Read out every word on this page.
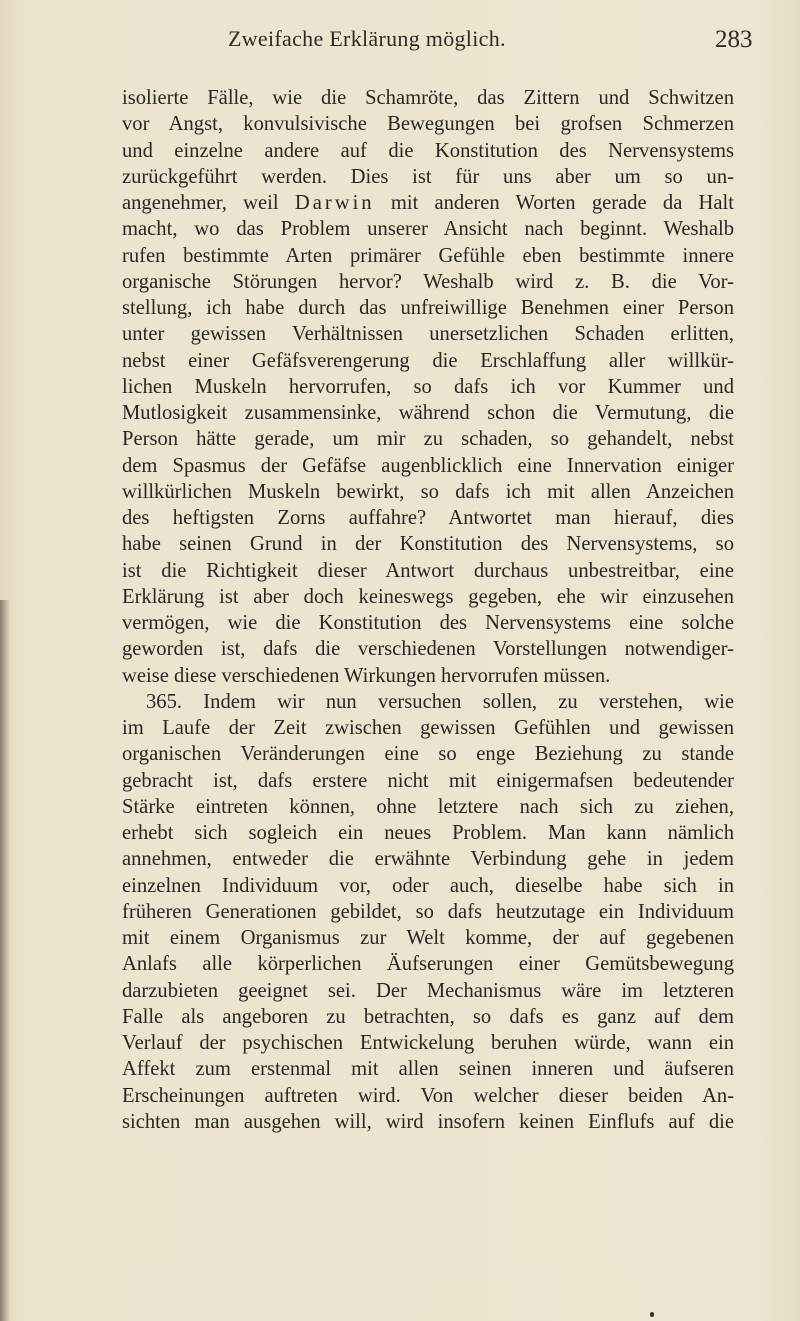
Zweifache Erklärung möglich.	283
isolierte Fälle, wie die Schamröte, das Zittern und Schwitzen
vor Angst, konvulsivische Bewegungen bei grofsen Schmerzen
und einzelne andere auf die Konstitution des Nervensystems
zurückgeführt werden. Dies ist für uns aber um so un-
angenehmer, weil Darwin mit anderen Worten gerade da Halt
macht, wo das Problem unserer Ansicht nach beginnt. Weshalb
rufen bestimmte Arten primärer Gefühle eben bestimmte innere
organische Störungen hervor? Weshalb wird z. B. die Vor-
stellung, ich habe durch das unfreiwillige Benehmen einer Person
unter gewissen Verhältnissen unersetzlichen Schaden erlitten,
nebst einer Gefäfsverengerung die Erschlaffung aller willkür-
lichen Muskeln hervorrufen, so dafs ich vor Kummer und
Mutlosigkeit zusammensinke, während schon die Vermutung, die
Person hätte gerade, um mir zu schaden, so gehandelt, nebst
dem Spasmus der Gefäfse augenblicklich eine Innervation einiger
willkürlichen Muskeln bewirkt, so dafs ich mit allen Anzeichen
des heftigsten Zorns auffahre? Antwortet man hierauf, dies
habe seinen Grund in der Konstitution des Nervensystems, so
ist die Richtigkeit dieser Antwort durchaus unbestreitbar, eine
Erklärung ist aber doch keineswegs gegeben, ehe wir einzusehen
vermögen, wie die Konstitution des Nervensystems eine solche
geworden ist, dafs die verschiedenen Vorstellungen notwendiger-
weise diese verschiedenen Wirkungen hervorrufen müssen.
365. Indem wir nun versuchen sollen, zu verstehen, wie
im Laufe der Zeit zwischen gewissen Gefühlen und gewissen
organischen Veränderungen eine so enge Beziehung zu stande
gebracht ist, dafs erstere nicht mit einigermafsen bedeutender
Stärke eintreten können, ohne letztere nach sich zu ziehen,
erhebt sich sogleich ein neues Problem. Man kann nämlich
annehmen, entweder die erwähnte Verbindung gehe in jedem
einzelnen Individuum vor, oder auch, dieselbe habe sich in
früheren Generationen gebildet, so dafs heutzutage ein Individuum
mit einem Organismus zur Welt komme, der auf gegebenen
Anlafs alle körperlichen Äufserungen einer Gemütsbewegung
darzubieten geeignet sei. Der Mechanismus wäre im letzteren
Falle als angeboren zu betrachten, so dafs es ganz auf dem
Verlauf der psychischen Entwickelung beruhen würde, wann ein
Affekt zum erstenmal mit allen seinen inneren und äufseren
Erscheinungen auftreten wird. Von welcher dieser beiden An-
sichten man ausgehen will, wird insofern keinen Einflufs auf die
